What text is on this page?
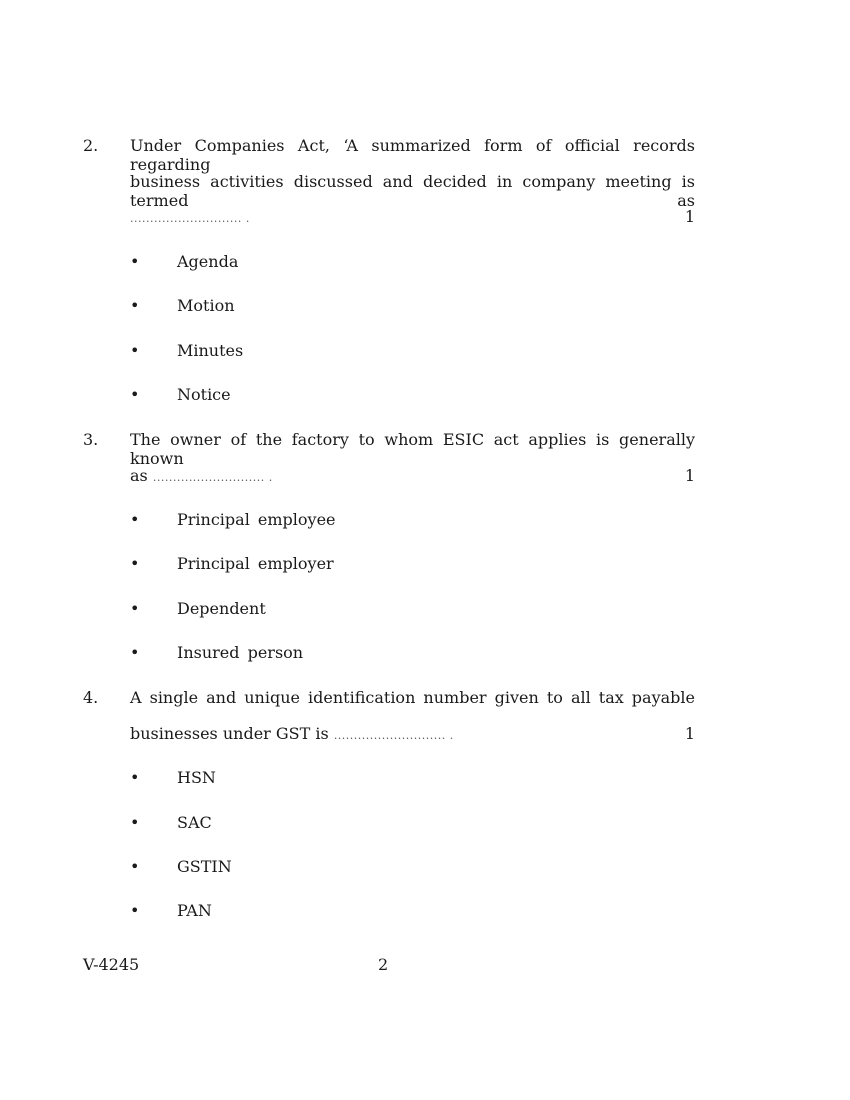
2. Under Companies Act, ‘A summarized form of official records regarding
business activities discussed and decided in company meeting is termed as
............................ .	1
• Agenda
• Motion
• Minutes
• Notice
3. The owner of the factory to whom ESIC act applies is generally known
as ............................ .	1
• Principal employee
• Principal employer
• Dependent
• Insured person
4. A single and unique identification number given to all tax payable
businesses under GST is ............................ .	1
• HSN
• SAC
• GSTIN
• PAN
V-4245	2
